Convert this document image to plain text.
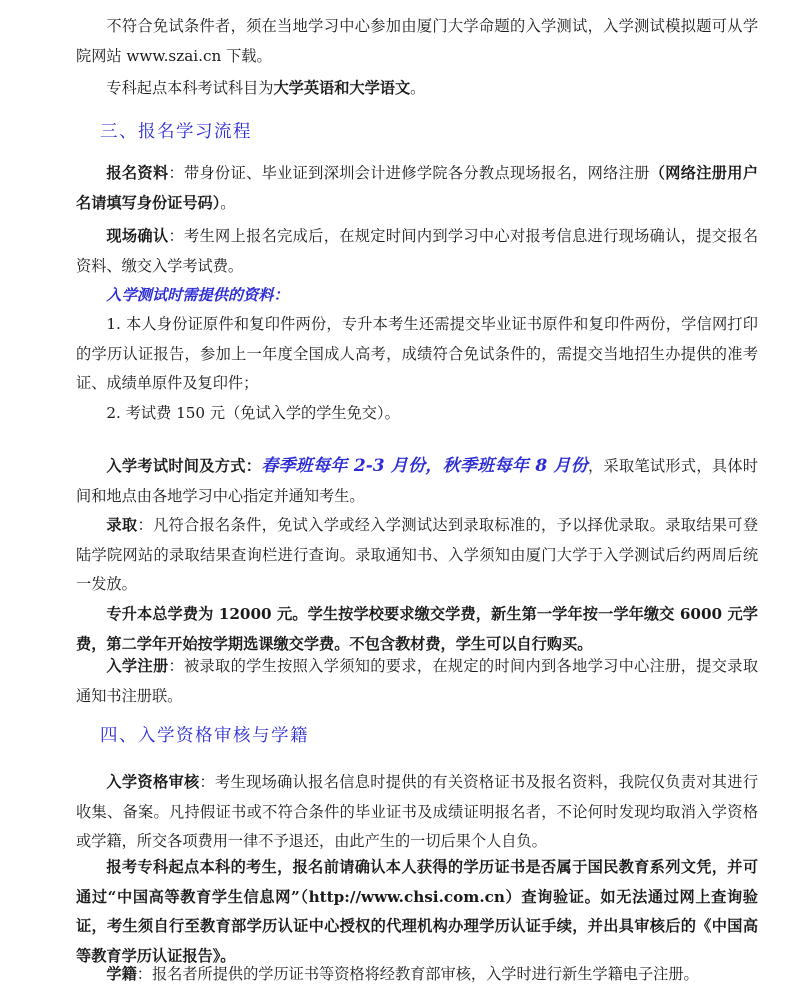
不符合免试条件者，须在当地学习中心参加由厦门大学命题的入学测试，入学测试模拟题可从学院网站 www.szai.cn 下载。

专科起点本科考试科目为大学英语和大学语文。

三、报名学习流程

报名资料：带身份证、毕业证到深圳会计进修学院各分教点现场报名，网络注册（网络注册用户名请填写身份证号码）。

现场确认：考生网上报名完成后，在规定时间内到学习中心对报考信息进行现场确认，提交报名资料、缴交入学考试费。

入学测试时需提供的资料：

1. 本人身份证原件和复印件两份，专升本考生还需提交毕业证书原件和复印件两份，学信网打印的学历认证报告，参加上一年度全国成人高考，成绩符合免试条件的，需提交当地招生办提供的准考证、成绩单原件及复印件；

2. 考试费 150 元（免试入学的学生免交）。

入学考试时间及方式：春季班每年 2-3 月份，秋季班每年 8 月份，采取笔试形式，具体时间和地点由各地学习中心指定并通知考生。

录取：凡符合报名条件，免试入学或经入学测试达到录取标准的，予以择优录取。录取结果可登陆学院网站的录取结果查询栏进行查询。录取通知书、入学须知由厦门大学于入学测试后约两周后统一发放。

专升本总学费为 12000 元。学生按学校要求缴交学费，新生第一学年按一学年缴交 6000 元学费，第二学年开始按学期选课缴交学费。不包含教材费，学生可以自行购买。

入学注册：被录取的学生按照入学须知的要求，在规定的时间内到各地学习中心注册，提交录取通知书注册联。

四、入学资格审核与学籍

入学资格审核：考生现场确认报名信息时提供的有关资格证书及报名资料，我院仅负责对其进行收集、备案。凡持假证书或不符合条件的毕业证书及成绩证明报名者，不论何时发现均取消入学资格或学籍，所交各项费用一律不予退还，由此产生的一切后果个人自负。

报考专科起点本科的考生，报名前请确认本人获得的学历证书是否属于国民教育系列文凭，并可通过“中国高等教育学生信息网”（http://www.chsi.com.cn）查询验证。如无法通过网上查询验证，考生须自行至教育部学历认证中心授权的代理机构办理学历认证手续，并出具审核后的《中国高等教育学历认证报告》。

学籍：报名者所提供的学历证书等资格将经教育部审核，入学时进行新生学籍电子注册。
